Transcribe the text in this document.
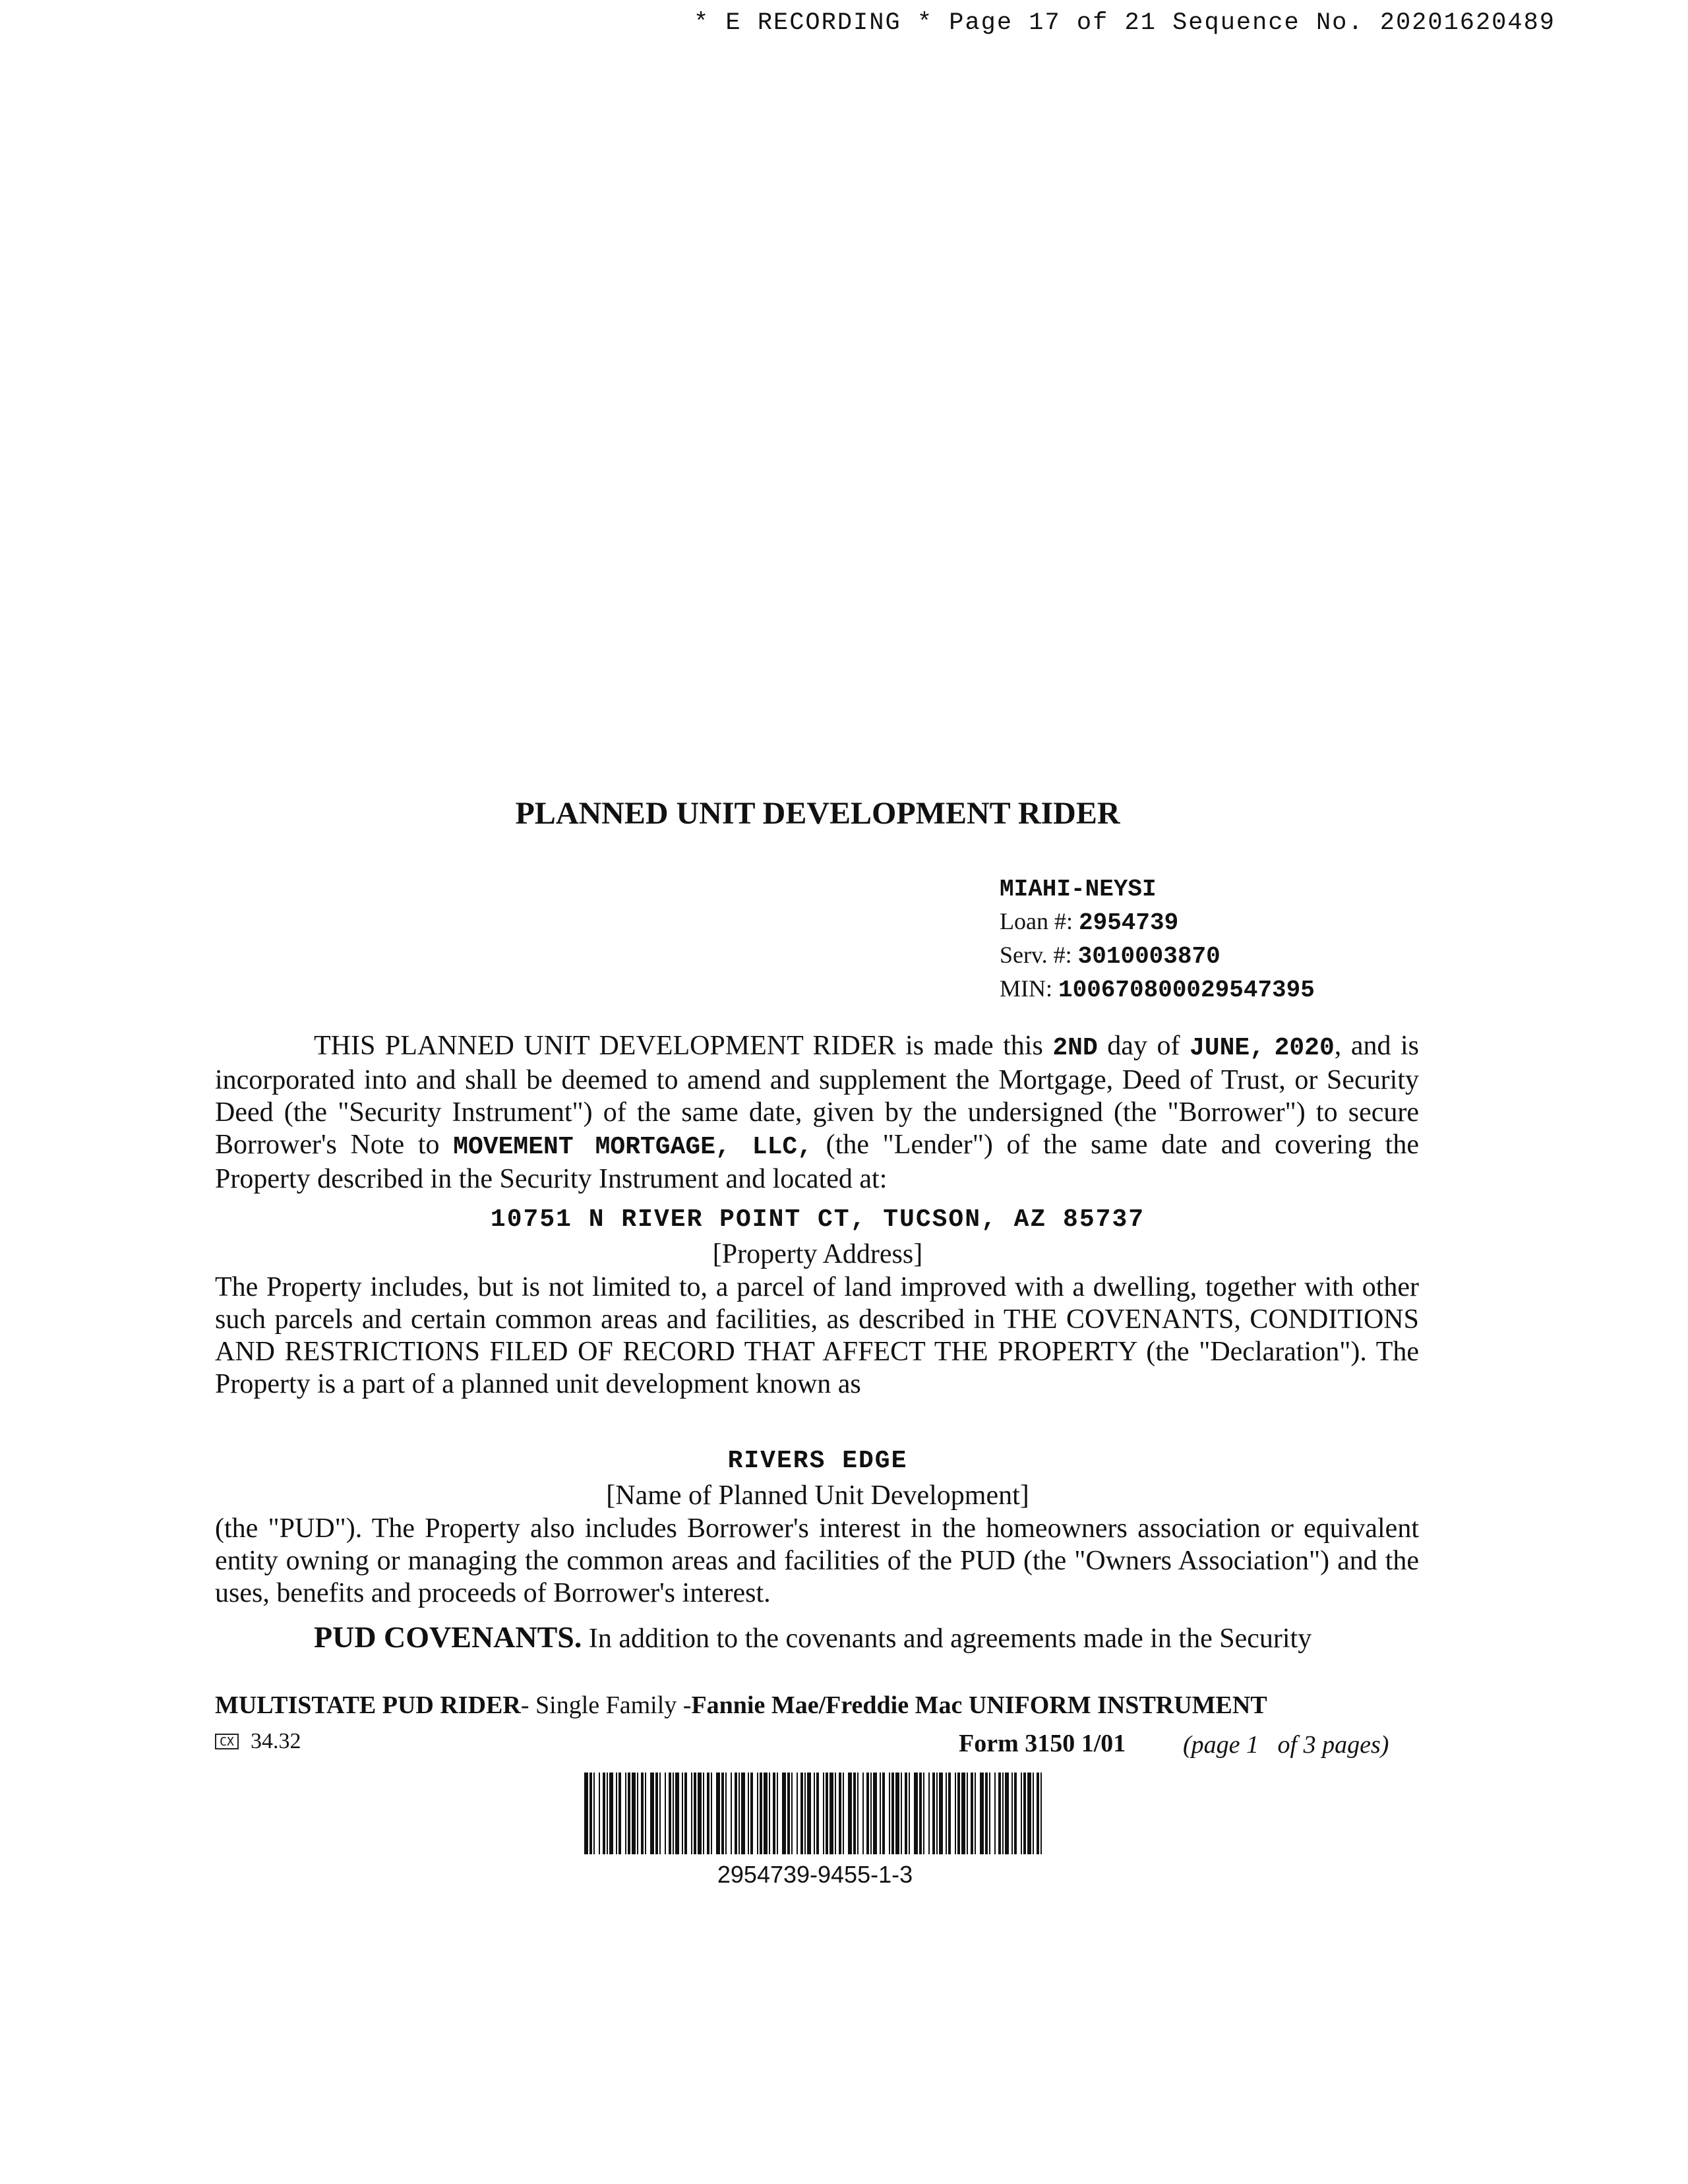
* E RECORDING * Page 17 of 21 Sequence No. 20201620489
PLANNED UNIT DEVELOPMENT RIDER
MIAHI-NEYSI
Loan #: 2954739
Serv. #: 3010003870
MIN: 100670800029547395
THIS PLANNED UNIT DEVELOPMENT RIDER is made this 2ND day of JUNE, 2020, and is incorporated into and shall be deemed to amend and supplement the Mortgage, Deed of Trust, or Security Deed (the "Security Instrument") of the same date, given by the undersigned (the "Borrower") to secure Borrower's Note to MOVEMENT MORTGAGE, LLC, (the "Lender") of the same date and covering the Property described in the Security Instrument and located at:
10751 N RIVER POINT CT, TUCSON, AZ 85737
[Property Address]
The Property includes, but is not limited to, a parcel of land improved with a dwelling, together with other such parcels and certain common areas and facilities, as described in THE COVENANTS, CONDITIONS AND RESTRICTIONS FILED OF RECORD THAT AFFECT THE PROPERTY (the "Declaration"). The Property is a part of a planned unit development known as
RIVERS EDGE
[Name of Planned Unit Development]
(the "PUD"). The Property also includes Borrower's interest in the homeowners association or equivalent entity owning or managing the common areas and facilities of the PUD (the "Owners Association") and the uses, benefits and proceeds of Borrower's interest.
PUD COVENANTS. In addition to the covenants and agreements made in the Security
MULTISTATE PUD RIDER- Single Family -Fannie Mae/Freddie Mac UNIFORM INSTRUMENT
CX 34.32	Form 3150 1/01 (page 1   of 3 pages)
2954739-9455-1-3
